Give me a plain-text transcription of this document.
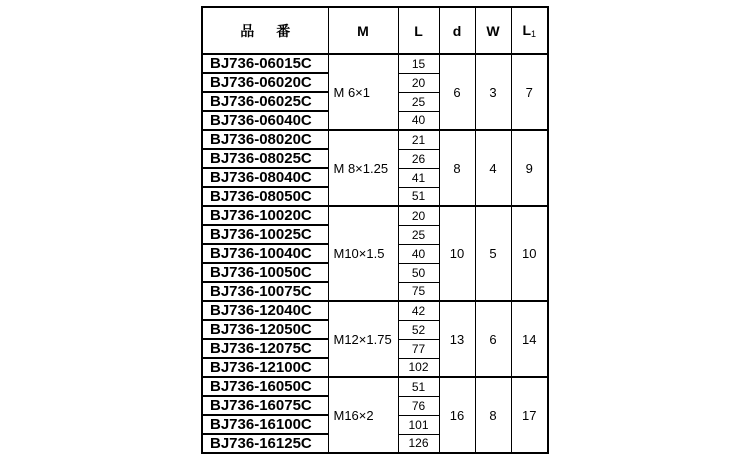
品番	M	L	d	W	$L_1$
BJ736-06015C	M 6×1	15	6	3	7
BJ736-06020C		20			
BJ736-06025C		25			
BJ736-06040C		40			
BJ736-08020C	M 8×1.25	21	8	4	9
BJ736-08025C		26			
BJ736-08040C		41			
BJ736-08050C		51			
BJ736-10020C	M10×1.5	20	10	5	10
BJ736-10025C		25			
BJ736-10040C		40			
BJ736-10050C		50			
BJ736-10075C		75			
BJ736-12040C	M12×1.75	42	13	6	14
BJ736-12050C		52			
BJ736-12075C		77			
BJ736-12100C		102			
BJ736-16050C	M16×2	51	16	8	17
BJ736-16075C		76			
BJ736-16100C		101			
BJ736-16125C		126			
